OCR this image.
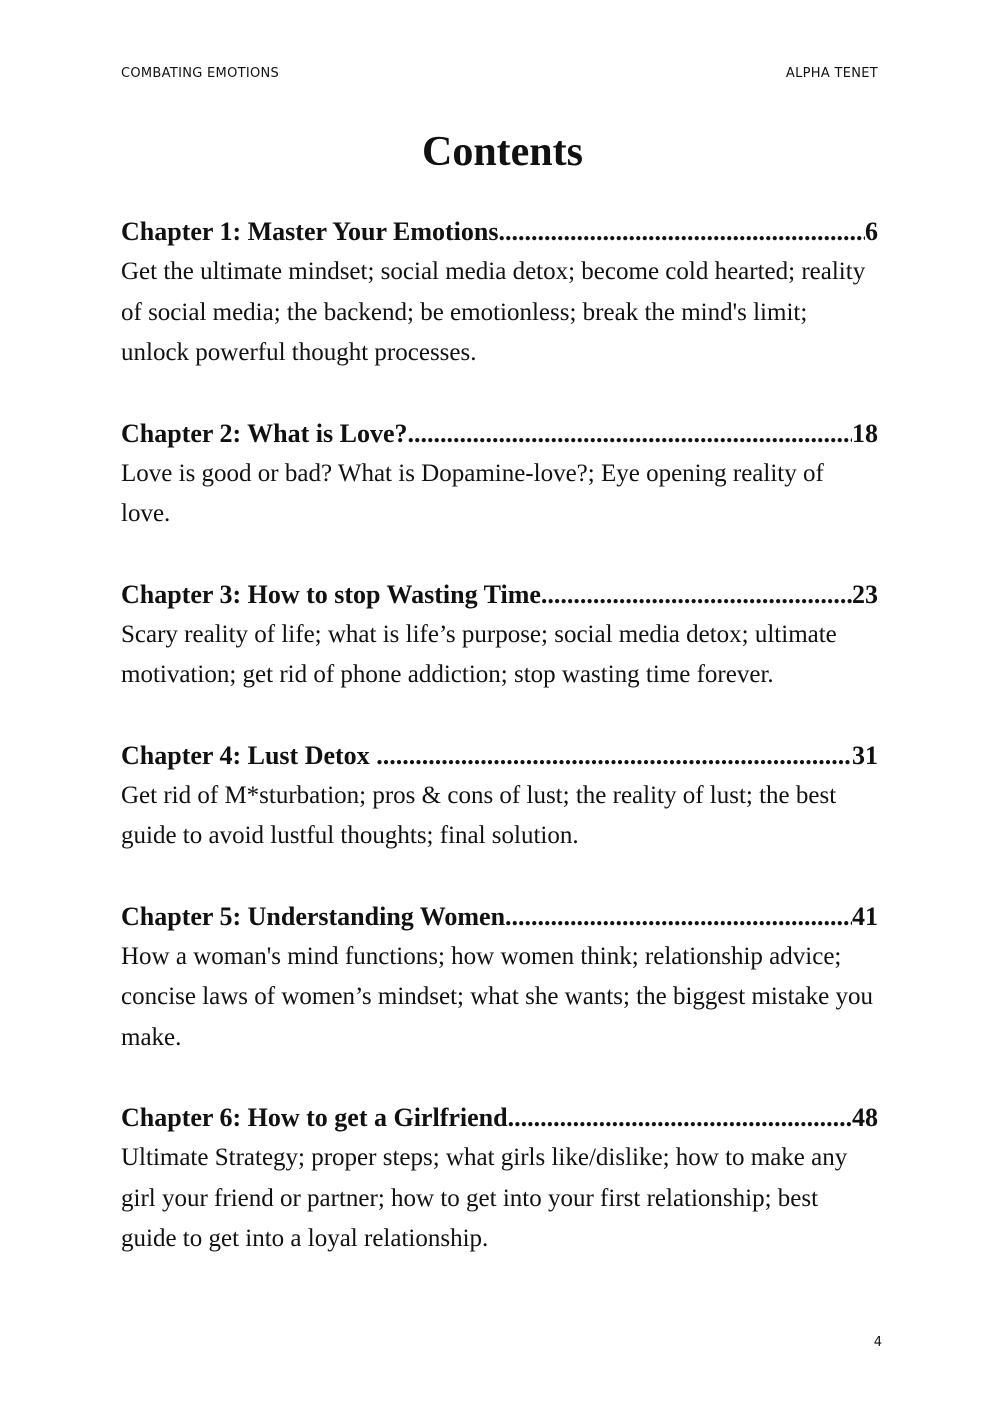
COMBATING EMOTIONS	ALPHA TENET
Contents
Chapter 1: Master Your Emotions .....	6
Get the ultimate mindset; social media detox; become cold hearted; reality of social media; the backend; be emotionless; break the mind's limit; unlock powerful thought processes.
Chapter 2: What is Love? .....	18
Love is good or bad? What is Dopamine-love?; Eye opening reality of love.
Chapter 3: How to stop Wasting Time .....	23
Scary reality of life; what is life’s purpose; social media detox; ultimate motivation; get rid of phone addiction; stop wasting time forever.
Chapter 4: Lust Detox .....	31
Get rid of M*sturbation; pros & cons of lust; the reality of lust; the best guide to avoid lustful thoughts; final solution.
Chapter 5: Understanding Women .....	41
How a woman's mind functions; how women think; relationship advice; concise laws of women’s mindset; what she wants; the biggest mistake you make.
Chapter 6: How to get a Girlfriend .....	48
Ultimate Strategy; proper steps; what girls like/dislike; how to make any girl your friend or partner; how to get into your first relationship; best guide to get into a loyal relationship.
4
